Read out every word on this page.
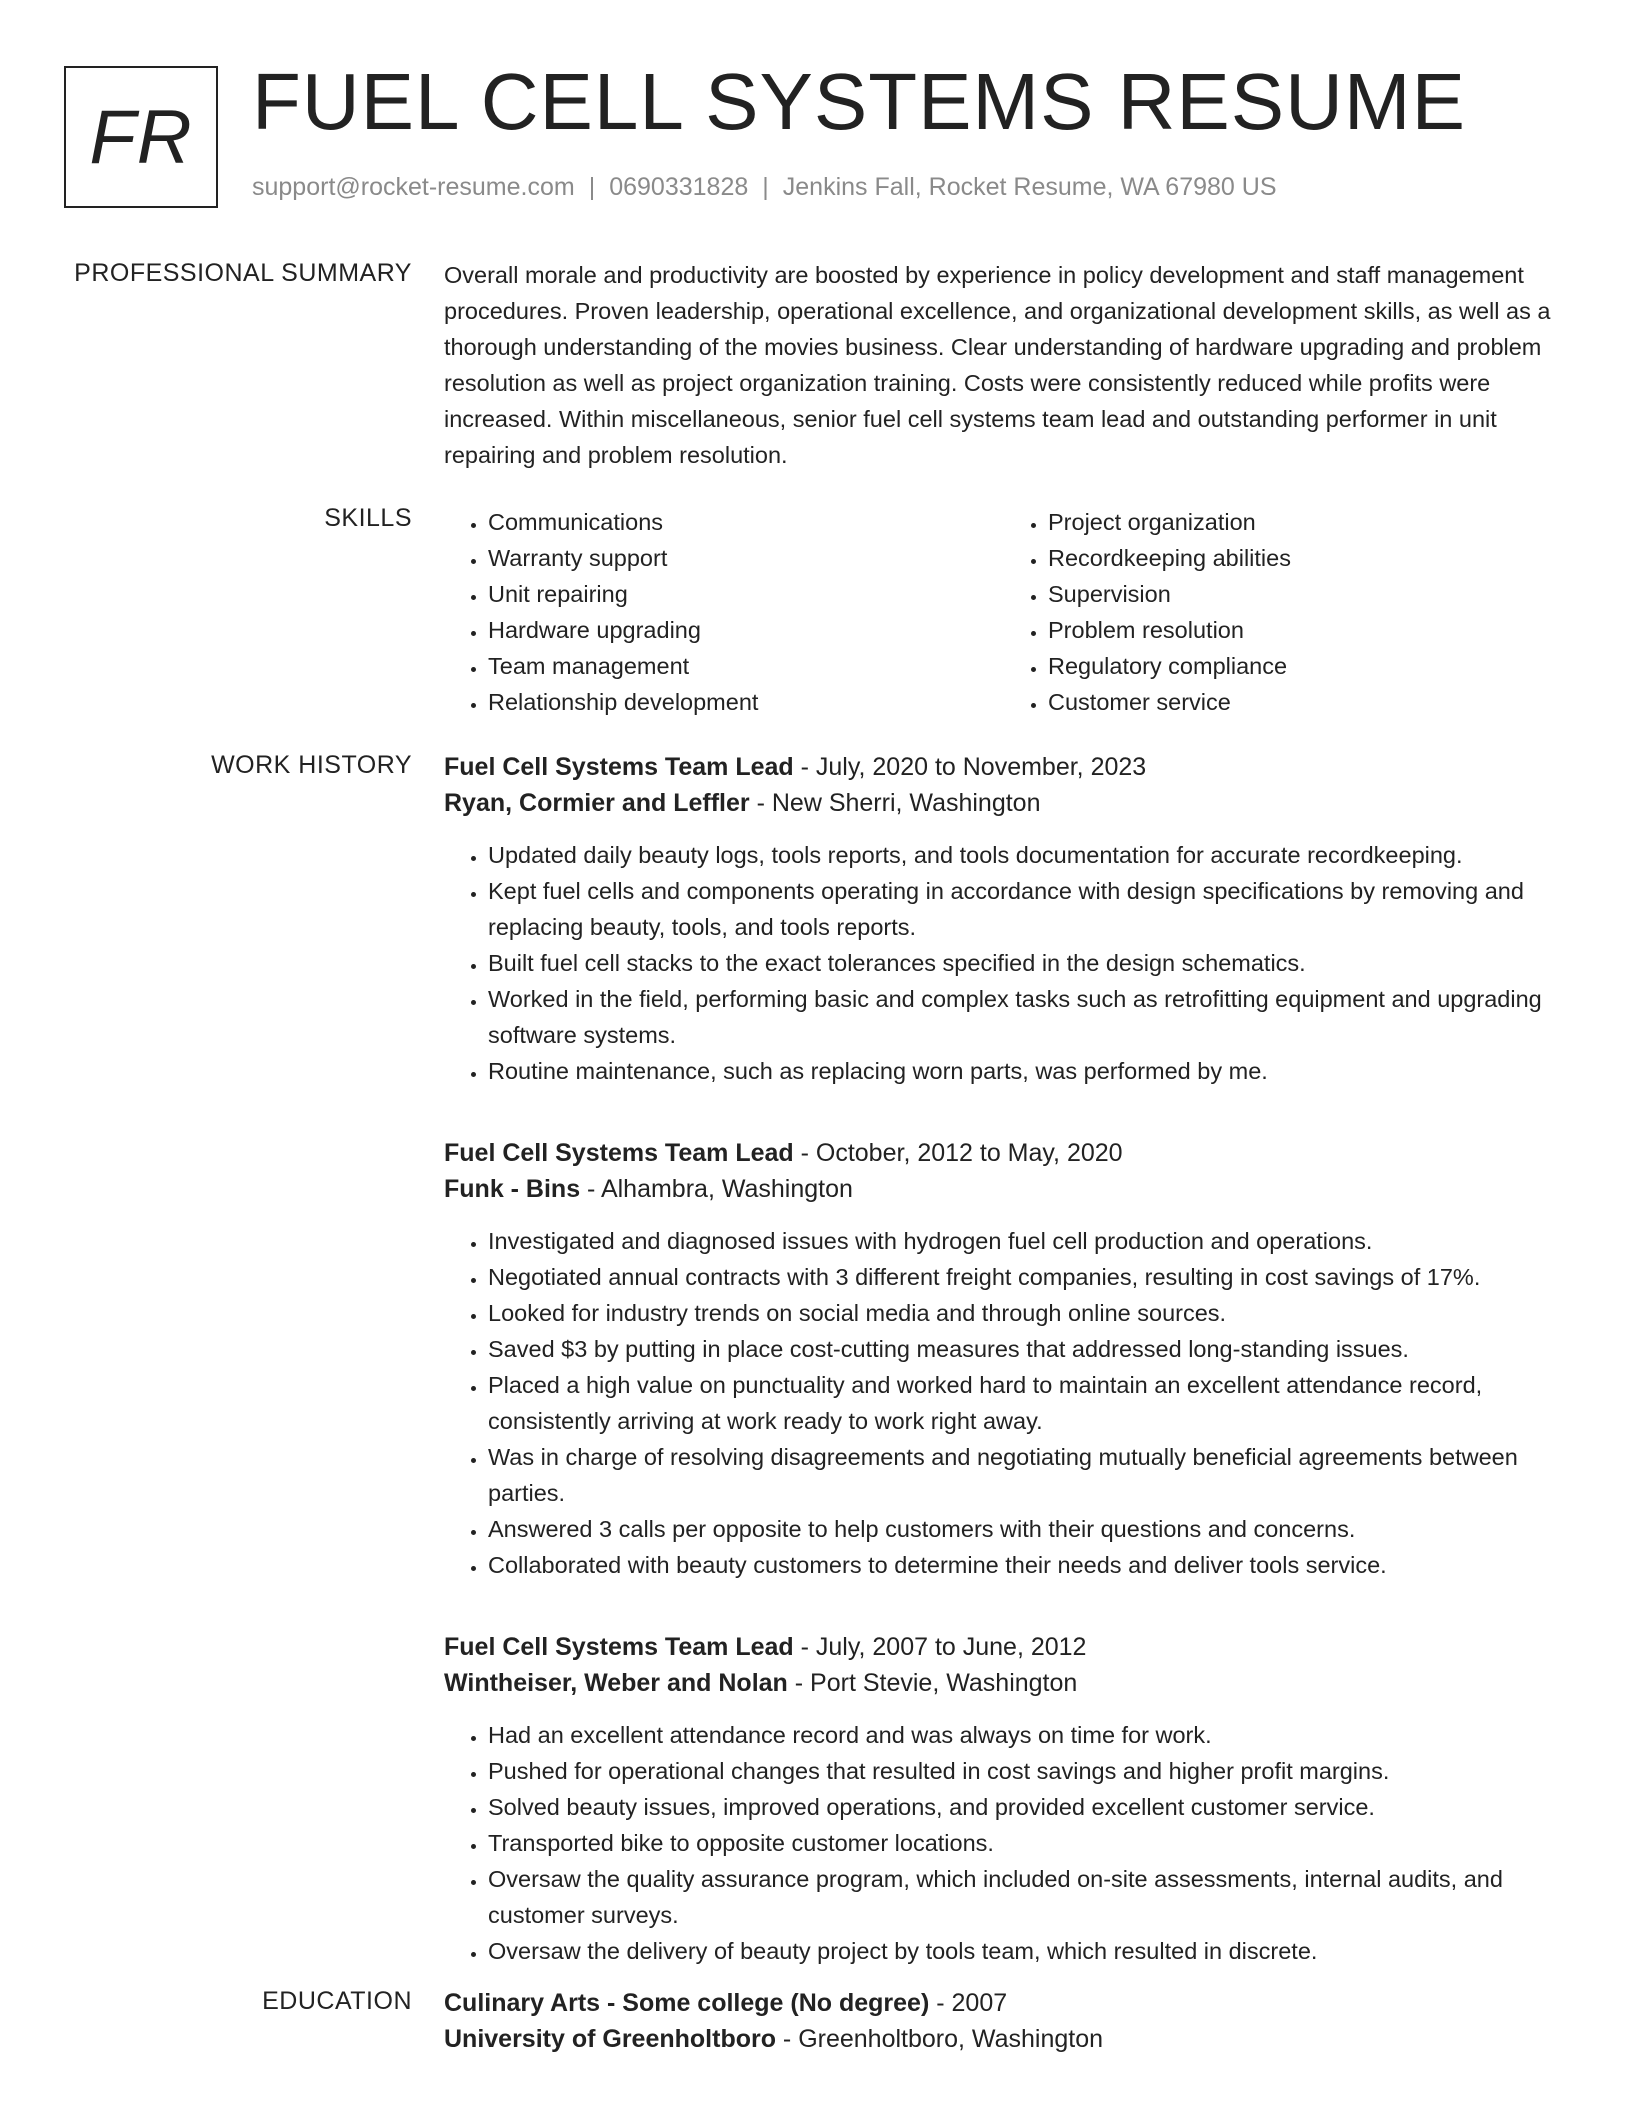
FR FUEL CELL SYSTEMS RESUME
support@rocket-resume.com | 0690331828 | Jenkins Fall, Rocket Resume, WA 67980 US
PROFESSIONAL SUMMARY Overall morale and productivity are boosted by experience in policy development and staff management procedures. Proven leadership, operational excellence, and organizational development skills, as well as a thorough understanding of the movies business. Clear understanding of hardware upgrading and problem resolution as well as project organization training. Costs were consistently reduced while profits were increased. Within miscellaneous, senior fuel cell systems team lead and outstanding performer in unit repairing and problem resolution.

SKILLS
•	Communications
• Warranty support
• Unit repairing
• Hardware upgrading
• Team management
• Relationship development
• Project organization
• Recordkeeping abilities
• Supervision
• Problem resolution
• Regulatory compliance
• Customer service
WORK HISTORY Fuel Cell Systems Team Lead - July, 2020 to November, 2023
Ryan, Cormier and Leffler - New Sherri, Washington
• Updated daily beauty logs, tools reports, and tools documentation for accurate recordkeeping.
• Kept fuel cells and components operating in accordance with design specifications by removing and replacing beauty, tools, and tools reports.
• Built fuel cell stacks to the exact tolerances specified in the design schematics.
• Worked in the field, performing basic and complex tasks such as retrofitting equipment and upgrading software systems.
• Routine maintenance, such as replacing worn parts, was performed by me.
Fuel Cell Systems Team Lead - October, 2012 to May, 2020
Funk - Bins - Alhambra, Washington
• Investigated and diagnosed issues with hydrogen fuel cell production and operations.
• Negotiated annual contracts with 3 different freight companies, resulting in cost savings of 17%.
• Looked for industry trends on social media and through online sources.
• Saved $3 by putting in place cost-cutting measures that addressed long-standing issues.
• Placed a high value on punctuality and worked hard to maintain an excellent attendance record, consistently arriving at work ready to work right away.
• Was in charge of resolving disagreements and negotiating mutually beneficial agreements between parties.
• Answered 3 calls per opposite to help customers with their questions and concerns.
• Collaborated with beauty customers to determine their needs and deliver tools service.
Fuel Cell Systems Team Lead - July, 2007 to June, 2012
Wintheiser, Weber and Nolan - Port Stevie, Washington
• Had an excellent attendance record and was always on time for work.
• Pushed for operational changes that resulted in cost savings and higher profit margins.
• Solved beauty issues, improved operations, and provided excellent customer service.
• Transported bike to opposite customer locations.
• Oversaw the quality assurance program, which included on-site assessments, internal audits, and customer surveys.
• Oversaw the delivery of beauty project by tools team, which resulted in discrete.
EDUCATION Culinary Arts - Some college (No degree) - 2007
University of Greenholtboro - Greenholtboro, Washington
